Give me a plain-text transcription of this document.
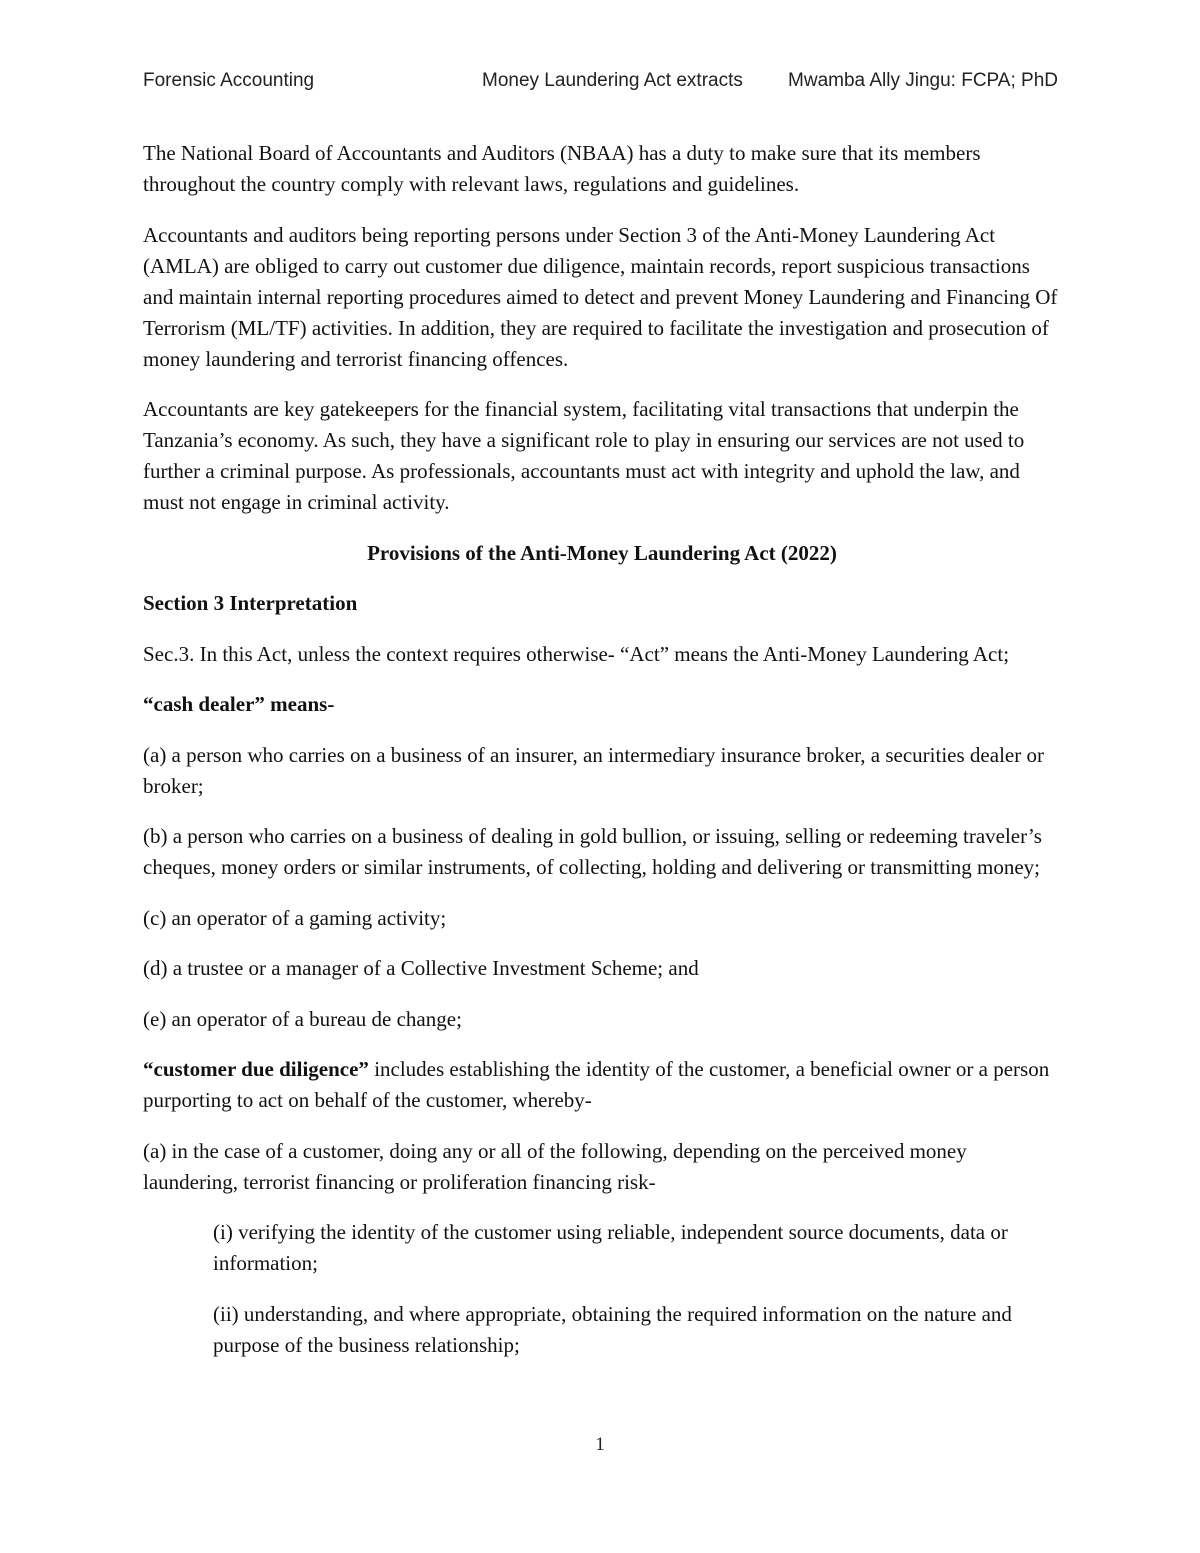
Forensic Accounting	Money Laundering Act extracts Mwamba Ally Jingu: FCPA; PhD

The National Board of Accountants and Auditors (NBAA) has a duty to make sure that its members throughout the country comply with relevant laws, regulations and guidelines.

Accountants and auditors being reporting persons under Section 3 of the Anti-Money Laundering Act (AMLA) are obliged to carry out customer due diligence, maintain records, report suspicious transactions and maintain internal reporting procedures aimed to detect and prevent Money Laundering and Financing Of Terrorism (ML/TF) activities. In addition, they are required to facilitate the investigation and prosecution of money laundering and terrorist financing offences.

Accountants are key gatekeepers for the financial system, facilitating vital transactions that underpin the Tanzania’s economy. As such, they have a significant role to play in ensuring our services are not used to further a criminal purpose. As professionals, accountants must act with integrity and uphold the law, and must not engage in criminal activity.

Provisions of the Anti-Money Laundering Act (2022)

Section 3 Interpretation

Sec.3. In this Act, unless the context requires otherwise- “Act” means the Anti-Money Laundering Act;

“cash dealer” means-

(a) a person who carries on a business of an insurer, an intermediary insurance broker, a securities dealer or broker;

(b) a person who carries on a business of dealing in gold bullion, or issuing, selling or redeeming traveler’s cheques, money orders or similar instruments, of collecting, holding and delivering or transmitting money;

(c) an operator of a gaming activity;

(d) a trustee or a manager of a Collective Investment Scheme; and

(e) an operator of a bureau de change;

“customer due diligence” includes establishing the identity of the customer, a beneficial owner or a person purporting to act on behalf of the customer, whereby-

(a) in the case of a customer, doing any or all of the following, depending on the perceived money laundering, terrorist financing or proliferation financing risk-

(i) verifying the identity of the customer using reliable, independent source documents, data or information;

(ii) understanding, and where appropriate, obtaining the required information on the nature and purpose of the business relationship;

1
